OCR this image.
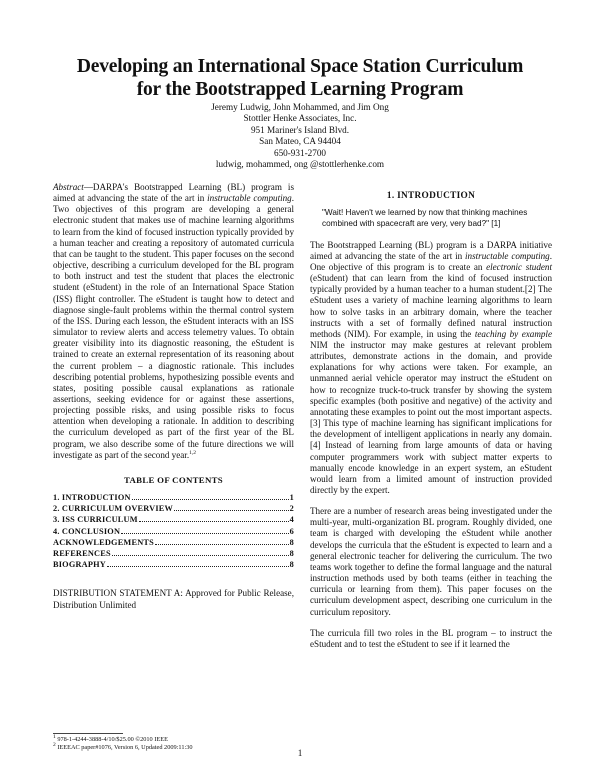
Developing an International Space Station Curriculum
for the Bootstrapped Learning Program
Jeremy Ludwig, John Mohammed, and Jim Ong
Stottler Henke Associates, Inc.
951 Mariner's Island Blvd.
San Mateo, CA 94404
650-931-2700
ludwig, mohammed, ong @stottlerhenke.com

Abstract—DARPA's Bootstrapped Learning (BL) program is aimed at advancing the state of the art in instructable computing. Two objectives of this program are developing a general electronic student that makes use of machine learning algorithms to learn from the kind of focused instruction typically provided by a human teacher and creating a repository of automated curricula that can be taught to the student. This paper focuses on the second objective, describing a curriculum developed for the BL program to both instruct and test the student that places the electronic student (eStudent) in the role of an International Space Station (ISS) flight controller. The eStudent is taught how to detect and diagnose single-fault problems within the thermal control system of the ISS. During each lesson, the eStudent interacts with an ISS simulator to review alerts and access telemetry values. To obtain greater visibility into its diagnostic reasoning, the eStudent is trained to create an external representation of its reasoning about the current problem – a diagnostic rationale. This includes describing potential problems, hypothesizing possible events and states, positing possible causal explanations as rationale assertions, seeking evidence for or against these assertions, projecting possible risks, and using possible risks to focus attention when developing a rationale. In addition to describing the curriculum developed as part of the first year of the BL program, we also describe some of the future directions we will investigate as part of the second year.$^{1,2}$

TABLE OF CONTENTS
1. INTRODUCTION	1
2. CURRICULUM OVERVIEW	2
3. ISS CURRICULUM	4
4. CONCLUSION	6
ACKNOWLEDGEMENTS	8
REFERENCES	8
BIOGRAPHY	8

DISTRIBUTION STATEMENT A: Approved for Public Release, Distribution Unlimited

$^1$ 978-1-4244-3888-4/10/$25.00 ©2010 IEEE
$^2$ IEEEAC paper#1076, Version 6, Updated 2009:11:30
1. INTRODUCTION

"Wait! Haven't we learned by now that thinking machines combined with spacecraft are very, very bad?" [1]

The Bootstrapped Learning (BL) program is a DARPA initiative aimed at advancing the state of the art in instructable computing. One objective of this program is to create an electronic student (eStudent) that can learn from the kind of focused instruction typically provided by a human teacher to a human student.[2] The eStudent uses a variety of machine learning algorithms to learn how to solve tasks in an arbitrary domain, where the teacher instructs with a set of formally defined natural instruction methods (NIM). For example, in using the teaching by example NIM the instructor may make gestures at relevant problem attributes, demonstrate actions in the domain, and provide explanations for why actions were taken. For example, an unmanned aerial vehicle operator may instruct the eStudent on how to recognize truck-to-truck transfer by showing the system specific examples (both positive and negative) of the activity and annotating these examples to point out the most important aspects.[3] This type of machine learning has significant implications for the development of intelligent applications in nearly any domain.[4] Instead of learning from large amounts of data or having computer programmers work with subject matter experts to manually encode knowledge in an expert system, an eStudent would learn from a limited amount of instruction provided directly by the expert.

There are a number of research areas being investigated under the multi-year, multi-organization BL program. Roughly divided, one team is charged with developing the eStudent while another develops the curricula that the eStudent is expected to learn and a general electronic teacher for delivering the curriculum. The two teams work together to define the formal language and the natural instruction methods used by both teams (either in teaching the curricula or learning from them). This paper focuses on the curriculum development aspect, describing one curriculum in the curriculum repository.

The curricula fill two roles in the BL program – to instruct the eStudent and to test the eStudent to see if it learned the

1
